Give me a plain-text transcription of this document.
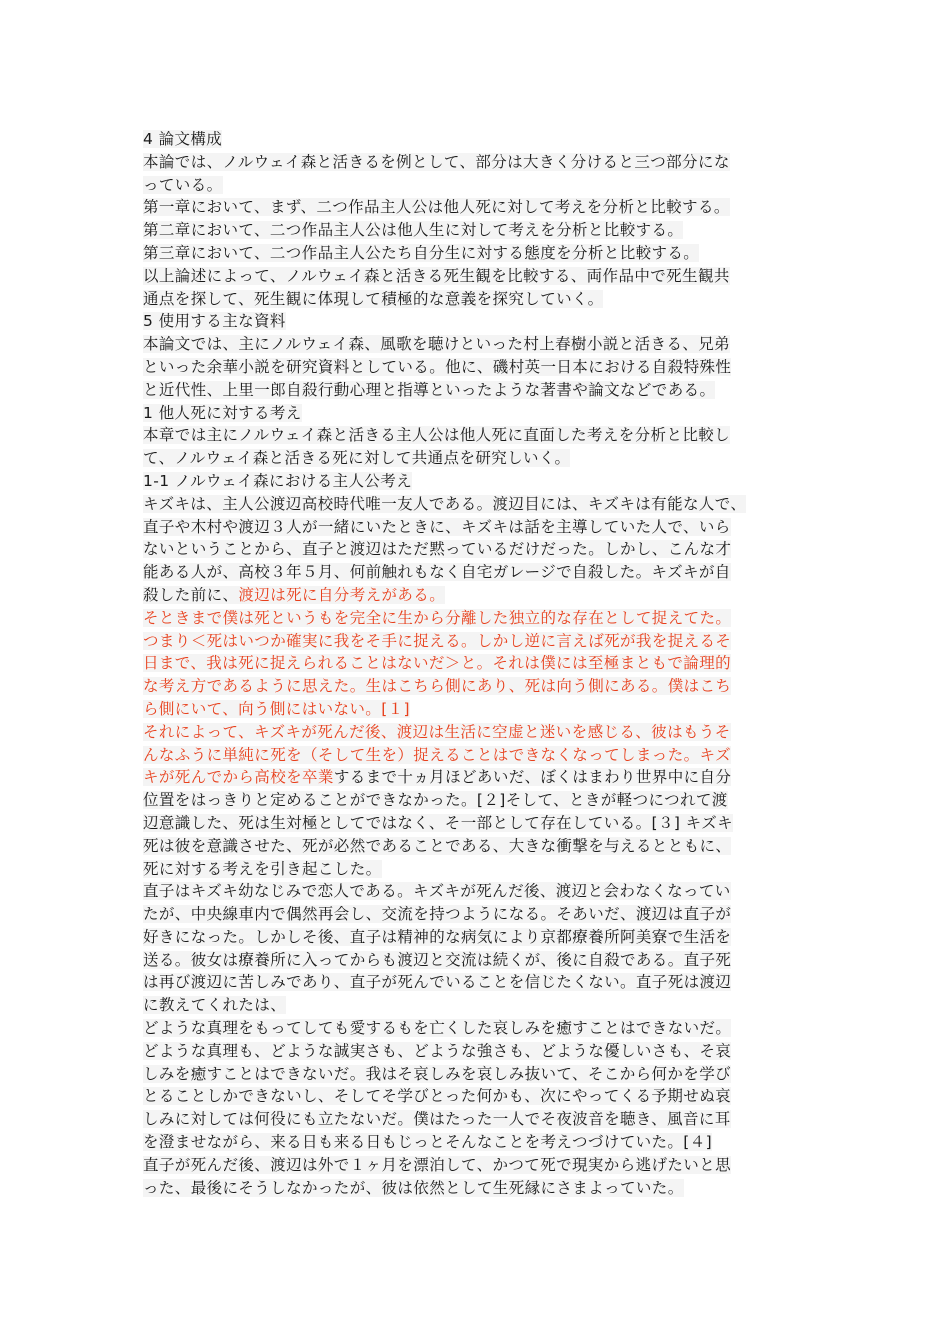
4 論文構成
本論では、ノルウェイ森と活きるを例として、部分は大きく分けると三つ部分にな
っている。
第一章において、まず、二つ作品主人公は他人死に対して考えを分析と比較する。
第二章において、二つ作品主人公は他人生に対して考えを分析と比較する。
第三章において、二つ作品主人公たち自分生に対する態度を分析と比較する。
以上論述によって、ノルウェイ森と活きる死生観を比較する、両作品中で死生観共
通点を探して、死生観に体現して積極的な意義を探究していく。
5 使用する主な資料
本論文では、主にノルウェイ森、風歌を聴けといった村上春樹小説と活きる、兄弟
といった余華小説を研究資料としている。他に、磯村英一日本における自殺特殊性
と近代性、上里一郎自殺行動心理と指導といったような著書や論文などである。
1 他人死に対する考え
本章では主にノルウェイ森と活きる主人公は他人死に直面した考えを分析と比較し
て、ノルウェイ森と活きる死に対して共通点を研究しいく。
1-1 ノルウェイ森における主人公考え
キズキは、主人公渡辺高校時代唯一友人である。渡辺目には、キズキは有能な人で、
直子や木村や渡辺３人が一緒にいたときに、キズキは話を主導していた人で、いら
ないということから、直子と渡辺はただ黙っているだけだった。しかし、こんな才
能ある人が、高校３年５月、何前触れもなく自宅ガレージで自殺した。キズキが自
殺した前に、渡辺は死に自分考えがある。
そときまで僕は死というもを完全に生から分離した独立的な存在として捉えてた。
つまり＜死はいつか確実に我をそ手に捉える。しかし逆に言えば死が我を捉えるそ
日まで、我は死に捉えられることはないだ＞と。それは僕には至極まともで論理的
な考え方であるように思えた。生はこちら側にあり、死は向う側にある。僕はこち
ら側にいて、向う側にはいない。[１]
それによって、キズキが死んだ後、渡辺は生活に空虚と迷いを感じる、彼はもうそ
んなふうに単純に死を（そして生を）捉えることはできなくなってしまった。キズ
キが死んでから高校を卒業するまで十ヵ月ほどあいだ、ぼくはまわり世界中に自分
位置をはっきりと定めることができなかった。[２]そして、ときが軽つにつれて渡
辺意識した、死は生対極としてではなく、そ一部として存在している。[３] キズキ
死は彼を意識させた、死が必然であることである、大きな衝撃を与えるとともに、
死に対する考えを引き起こした。
直子はキズキ幼なじみで恋人である。キズキが死んだ後、渡辺と会わなくなってい
たが、中央線車内で偶然再会し、交流を持つようになる。そあいだ、渡辺は直子が
好きになった。しかしそ後、直子は精神的な病気により京都療養所阿美寮で生活を
送る。彼女は療養所に入ってからも渡辺と交流は続くが、後に自殺である。直子死
は再び渡辺に苦しみであり、直子が死んでいることを信じたくない。直子死は渡辺
に教えてくれたは、
どような真理をもってしても愛するもを亡くした哀しみを癒すことはできないだ。
どような真理も、どような誠実さも、どような強さも、どような優しいさも、そ哀
しみを癒すことはできないだ。我はそ哀しみを哀しみ抜いて、そこから何かを学び
とることしかできないし、そしてそ学びとった何かも、次にやってくる予期せぬ哀
しみに対しては何役にも立たないだ。僕はたった一人でそ夜波音を聴き、風音に耳
を澄ませながら、来る日も来る日もじっとそんなことを考えつづけていた。[４]
直子が死んだ後、渡辺は外で１ヶ月を漂泊して、かつて死で現実から逃げたいと思
った、最後にそうしなかったが、彼は依然として生死縁にさまよっていた。
